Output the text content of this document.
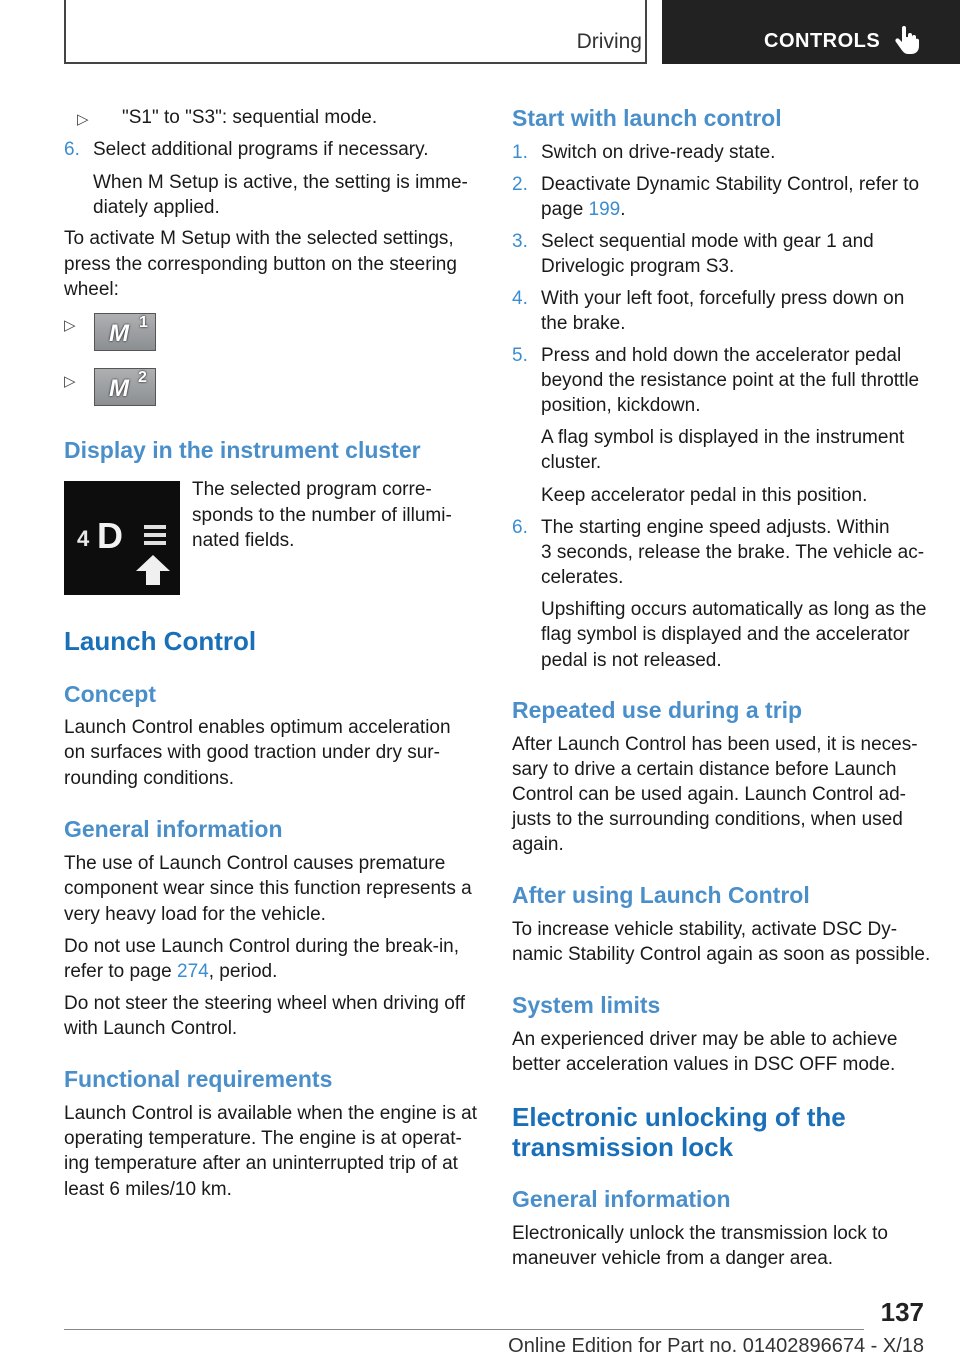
Driving	CONTROLS
▷ "S1" to "S3": sequential mode.
6. Select additional programs if necessary.
When M Setup is active, the setting is imme‐
diately applied.
To activate M Setup with the selected settings,
press the corresponding button on the steering
wheel:
▷ M 1
▷ M 2
Display in the instrument cluster
4 D
The selected program corre‐
sponds to the number of illumi‐
nated fields.
Launch Control
Concept
Launch Control enables optimum acceleration
on surfaces with good traction under dry sur‐
rounding conditions.
General information
The use of Launch Control causes premature
component wear since this function represents a
very heavy load for the vehicle.
Do not use Launch Control during the break-in,
refer to page 274, period.
Do not steer the steering wheel when driving off
with Launch Control.
Functional requirements
Launch Control is available when the engine is at
operating temperature. The engine is at operat‐
ing temperature after an uninterrupted trip of at
least 6 miles/10 km.
Start with launch control
1. Switch on drive-ready state.
2. Deactivate Dynamic Stability Control, refer to
page 199.
3. Select sequential mode with gear 1 and
Drivelogic program S3.
4. With your left foot, forcefully press down on
the brake.
5. Press and hold down the accelerator pedal
beyond the resistance point at the full throttle
position, kickdown.
A flag symbol is displayed in the instrument
cluster.
Keep accelerator pedal in this position.
6. The starting engine speed adjusts. Within
3 seconds, release the brake. The vehicle ac‐
celerates.
Upshifting occurs automatically as long as the
flag symbol is displayed and the accelerator
pedal is not released.
Repeated use during a trip
After Launch Control has been used, it is neces‐
sary to drive a certain distance before Launch
Control can be used again. Launch Control ad‐
justs to the surrounding conditions, when used
again.
After using Launch Control
To increase vehicle stability, activate DSC Dy‐
namic Stability Control again as soon as possible.
System limits
An experienced driver may be able to achieve
better acceleration values in DSC OFF mode.
Electronic unlocking of the
transmission lock
General information
Electronically unlock the transmission lock to
maneuver vehicle from a danger area.
137
Online Edition for Part no. 01402896674 - X/18
